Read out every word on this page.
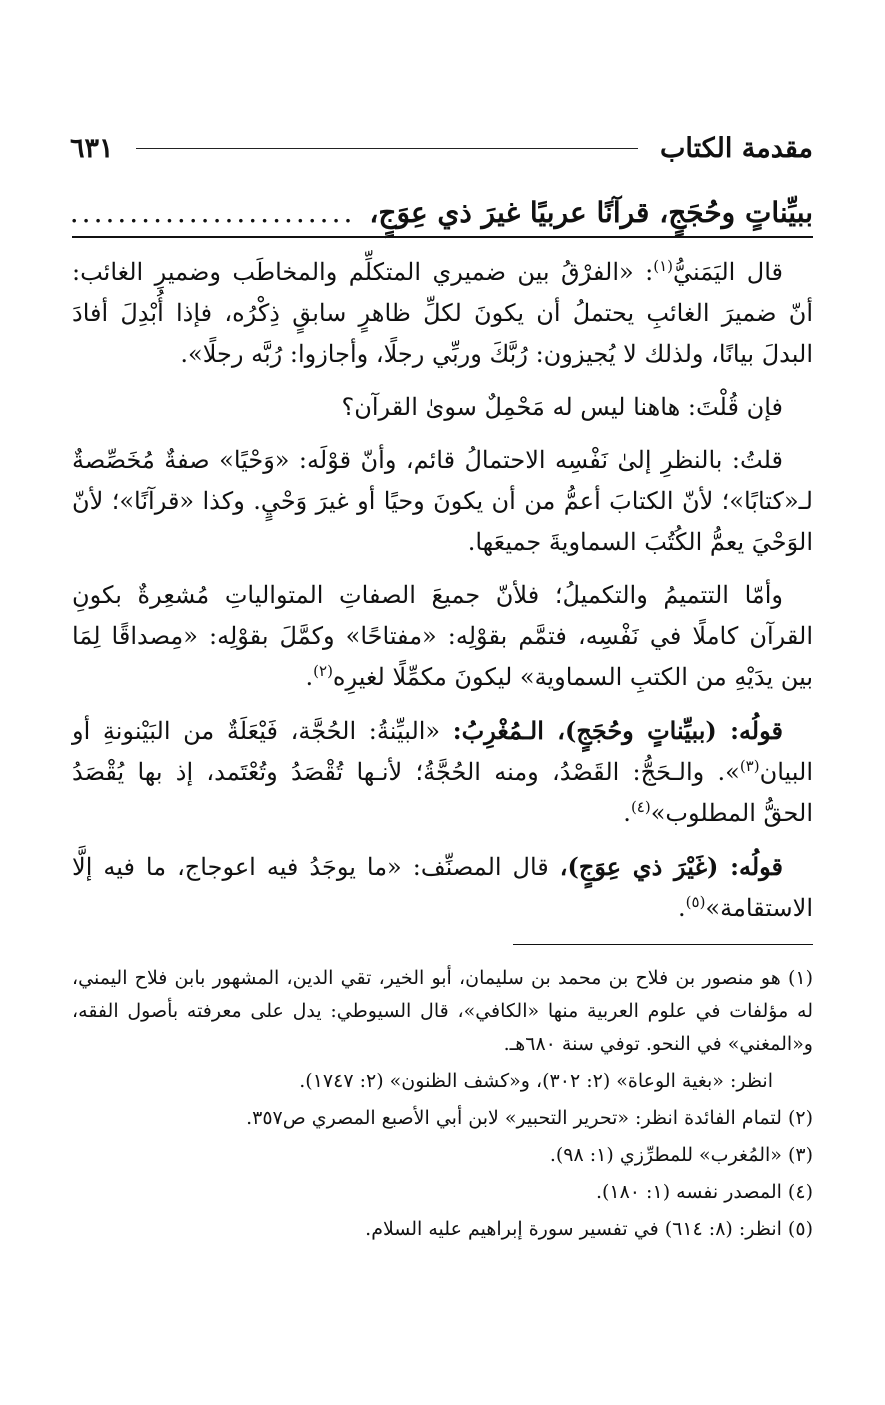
مقدمة الكتاب
٦٣١
ببيِّناتٍ وحُجَجٍ، قرآنًا عربيًا غيرَ ذي عِوَجٍ،
........................

قال اليَمَنيُّ$^{(١)}$: «الفرْقُ بين ضميري المتكلِّم والمخاطَب وضميرِ الغائب: أنّ ضميرَ الغائبِ يحتملُ أن يكونَ لكلِّ ظاهرٍ سابقٍ ذِكْرُه، فإذا أُبْدِلَ أفادَ البدلَ بيانًا، ولذلك لا يُجيزون: رُبَّكَ وربِّي رجلًا، وأجازوا: رُبَّه رجلًا».

فإن قُلْتَ: هاهنا ليس له مَحْمِلٌ سوىٰ القرآن؟

قلتُ: بالنظرِ إلىٰ نَفْسِه الاحتمالُ قائم، وأنّ قوْلَه: «وَحْيًا» صفةٌ مُخَصِّصةٌ لـ«كتابًا»؛ لأنّ الكتابَ أعمُّ من أن يكونَ وحيًا أو غيرَ وَحْيٍ. وكذا «قرآنًا»؛ لأنّ الوَحْيَ يعمُّ الكُتُبَ السماويةَ جميعَها.

وأمّا التتميمُ والتكميلُ؛ فلأنّ جميعَ الصفاتِ المتوالياتِ مُشعِرةٌ بكونِ القرآن كاملًا في نَفْسِه، فتمَّم بقوْلِه: «مفتاحًا» وكمَّلَ بقوْلِه: «مِصداقًا لِمَا بين يدَيْهِ من الكتبِ السماوية» ليكونَ مكمِّلًا لغيرِه$^{(٢)}$.

قولُه: (ببيِّناتٍ وحُجَجٍ)، الـمُغْرِبُ: «البيِّنةُ: الحُجَّة، فَيْعَلَةٌ من البَيْنونةِ أو البيان$^{(٣)}$». والـحَجُّ: القَصْدُ، ومنه الحُجَّةُ؛ لأنـها تُقْصَدُ وتُعْتَمد، إذ بها يُقْصَدُ الحقُّ المطلوب»$^{(٤)}$.

قولُه: (غَيْرَ ذي عِوَجٍ)، قال المصنِّف: «ما يوجَدُ فيه اعوجاج، ما فيه إلَّا الاستقامة»$^{(٥)}$.

(١) هو منصور بن فلاح بن محمد بن سليمان، أبو الخير، تقي الدين، المشهور بابن فلاح اليمني، له مؤلفات في علوم العربية منها «الكافي»، قال السيوطي: يدل على معرفته بأصول الفقه، و«المغني» في النحو. توفي سنة ٦٨٠هـ.

انظر: «بغية الوعاة» (٢: ٣٠٢)، و«كشف الظنون» (٢: ١٧٤٧).

(٢) لتمام الفائدة انظر: «تحرير التحبير» لابن أبي الأصبع المصري ص٣٥٧.

(٣) «المُغرب» للمطرِّزي (١: ٩٨).

(٤) المصدر نفسه (١: ١٨٠).

(٥) انظر: (٨: ٦١٤) في تفسير سورة إبراهيم عليه السلام.
